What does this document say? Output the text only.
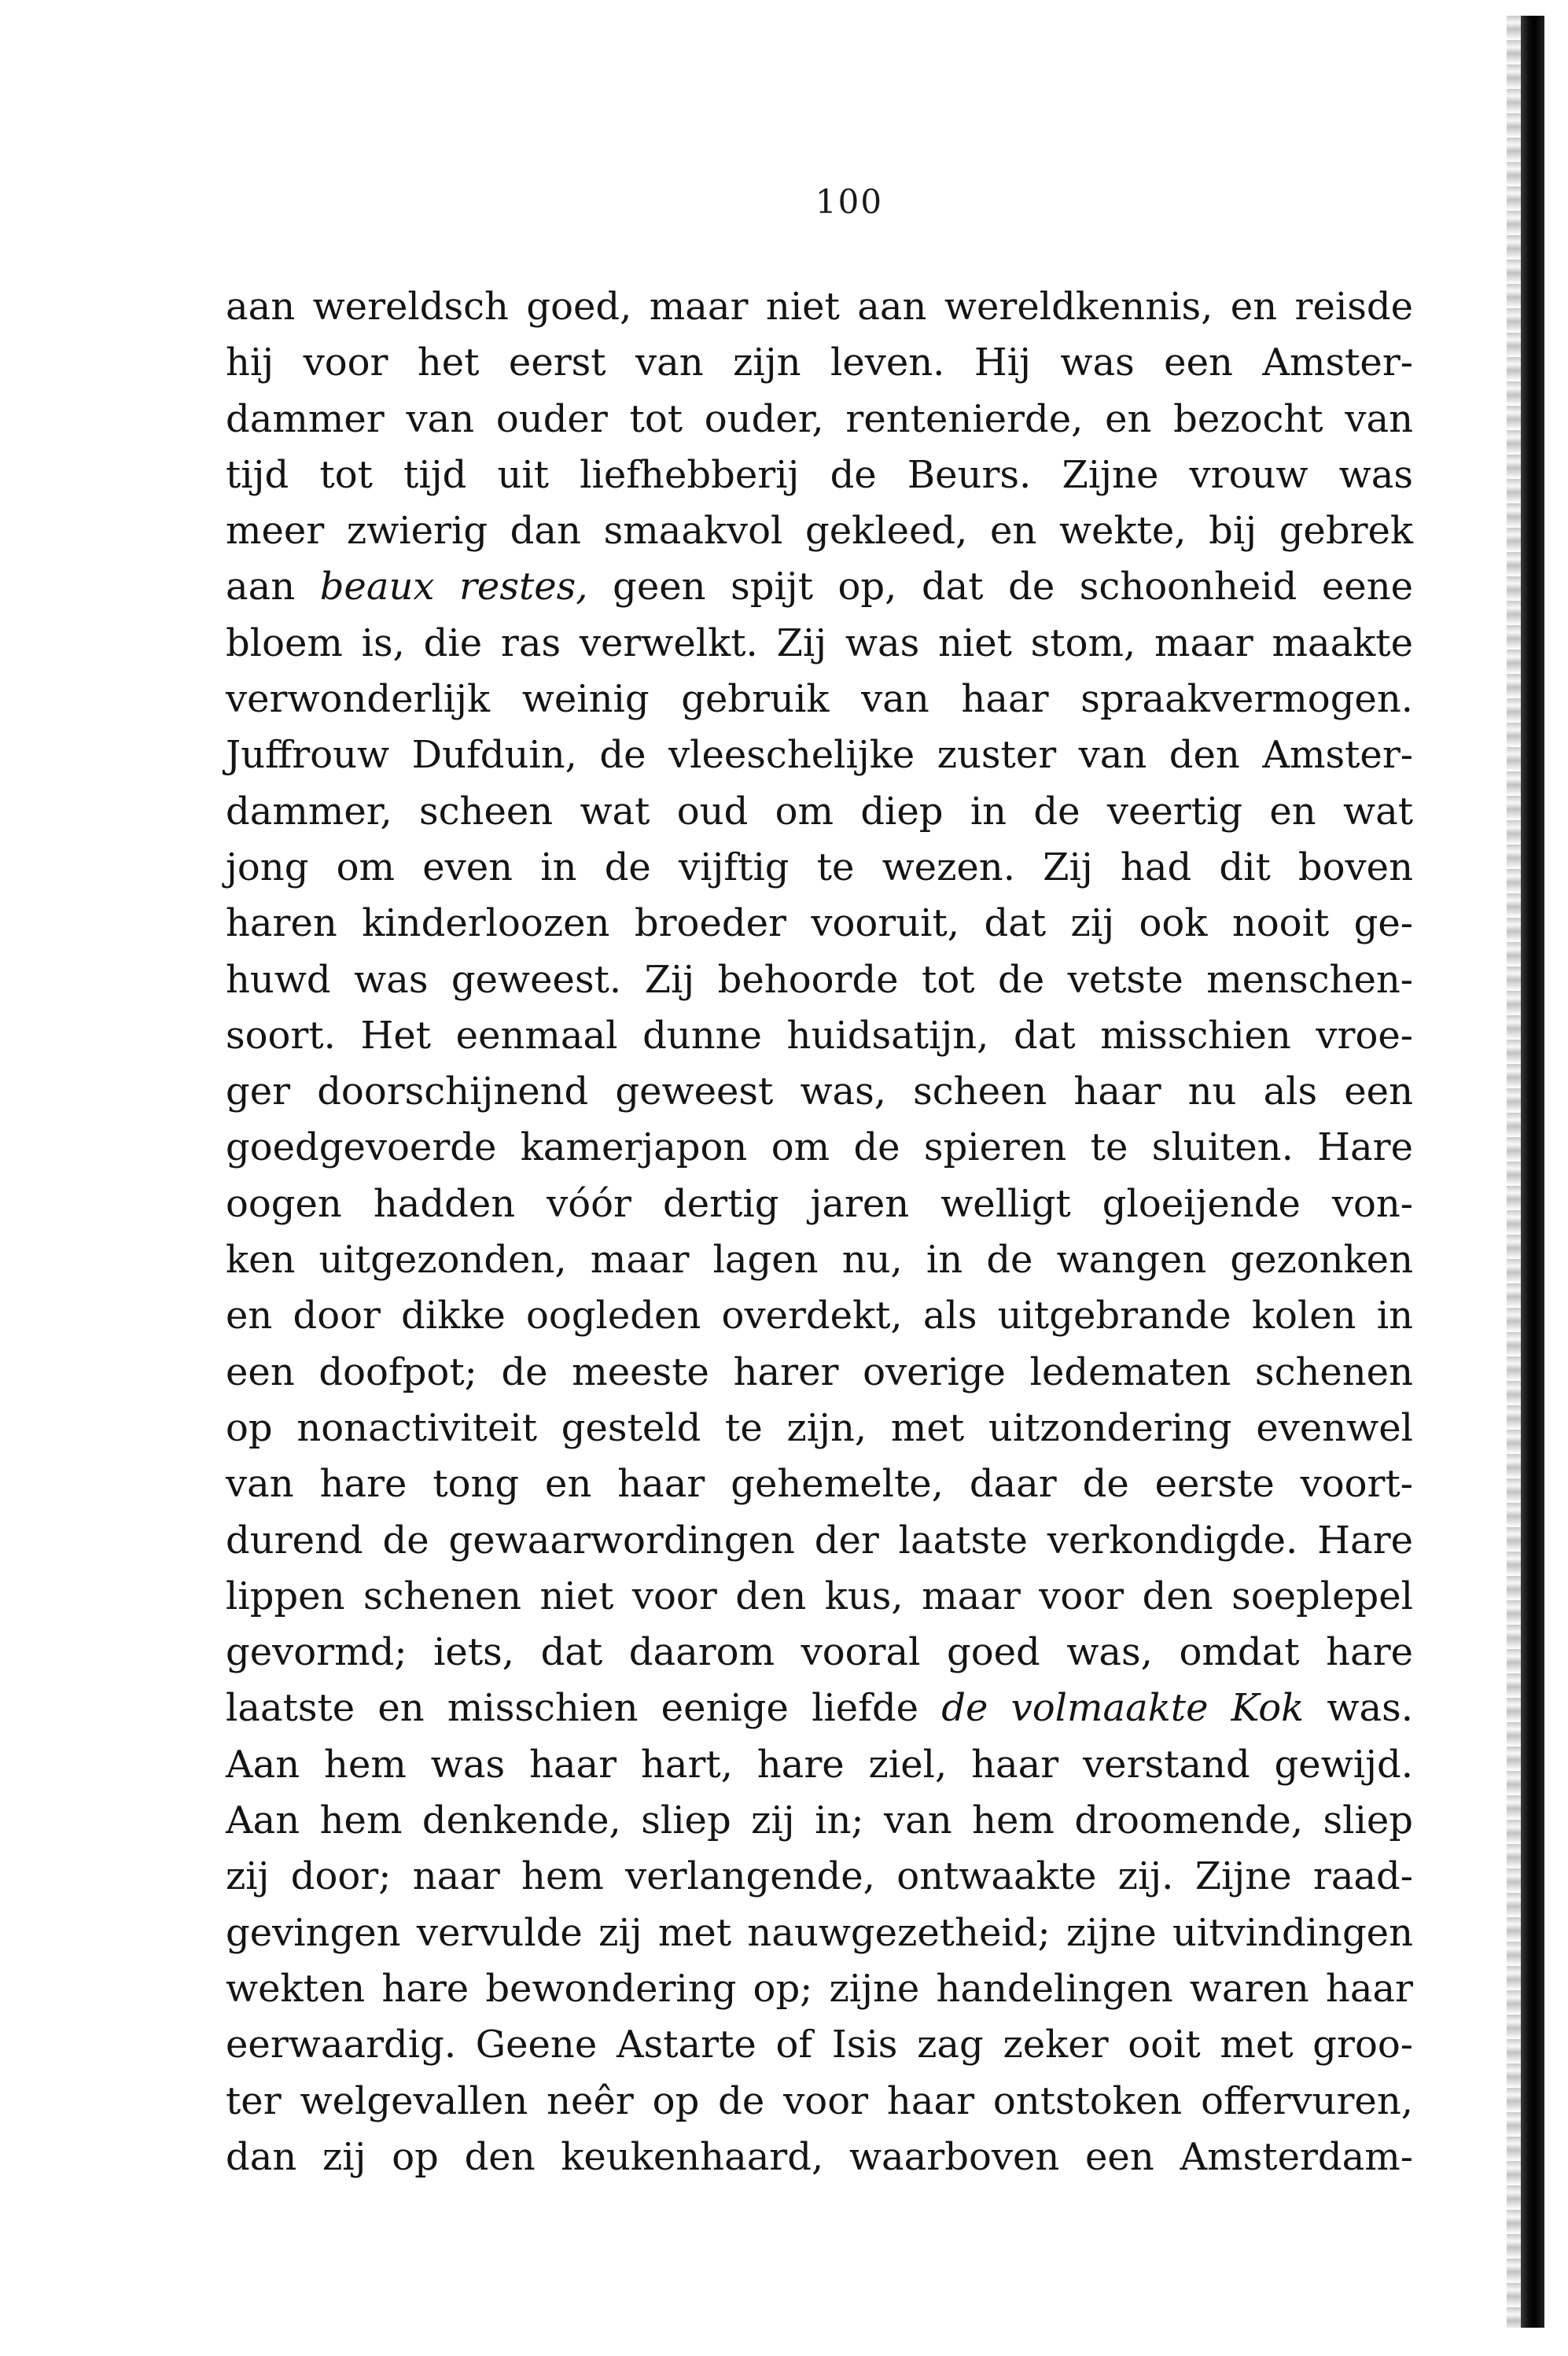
100
aan wereldsch goed, maar niet aan wereldkennis, en reisde
hij voor het eerst van zijn leven. Hij was een Amster-
dammer van ouder tot ouder, rentenierde, en bezocht van
tijd tot tijd uit liefhebberij de Beurs. Zijne vrouw was
meer zwierig dan smaakvol gekleed, en wekte, bij gebrek
aan beaux restes, geen spijt op, dat de schoonheid eene
bloem is, die ras verwelkt. Zij was niet stom, maar maakte
verwonderlijk weinig gebruik van haar spraakvermogen.
Juffrouw Dufduin, de vleeschelijke zuster van den Amster-
dammer, scheen wat oud om diep in de veertig en wat
jong om even in de vijftig te wezen. Zij had dit boven
haren kinderloozen broeder vooruit, dat zij ook nooit ge-
huwd was geweest. Zij behoorde tot de vetste menschen-
soort. Het eenmaal dunne huidsatijn, dat misschien vroe-
ger doorschijnend geweest was, scheen haar nu als een
goedgevoerde kamerjapon om de spieren te sluiten. Hare
oogen hadden vóór dertig jaren welligt gloeijende von-
ken uitgezonden, maar lagen nu, in de wangen gezonken
en door dikke oogleden overdekt, als uitgebrande kolen in
een doofpot; de meeste harer overige ledematen schenen
op nonactiviteit gesteld te zijn, met uitzondering evenwel
van hare tong en haar gehemelte, daar de eerste voort-
durend de gewaarwordingen der laatste verkondigde. Hare
lippen schenen niet voor den kus, maar voor den soeplepel
gevormd; iets, dat daarom vooral goed was, omdat hare
laatste en misschien eenige liefde de volmaakte Kok was.
Aan hem was haar hart, hare ziel, haar verstand gewijd.
Aan hem denkende, sliep zij in; van hem droomende, sliep
zij door; naar hem verlangende, ontwaakte zij. Zijne raad-
gevingen vervulde zij met nauwgezetheid; zijne uitvindingen
wekten hare bewondering op; zijne handelingen waren haar
eerwaardig. Geene Astarte of Isis zag zeker ooit met groo-
ter welgevallen neêr op de voor haar ontstoken offervuren,
dan zij op den keukenhaard, waarboven een Amsterdam-
